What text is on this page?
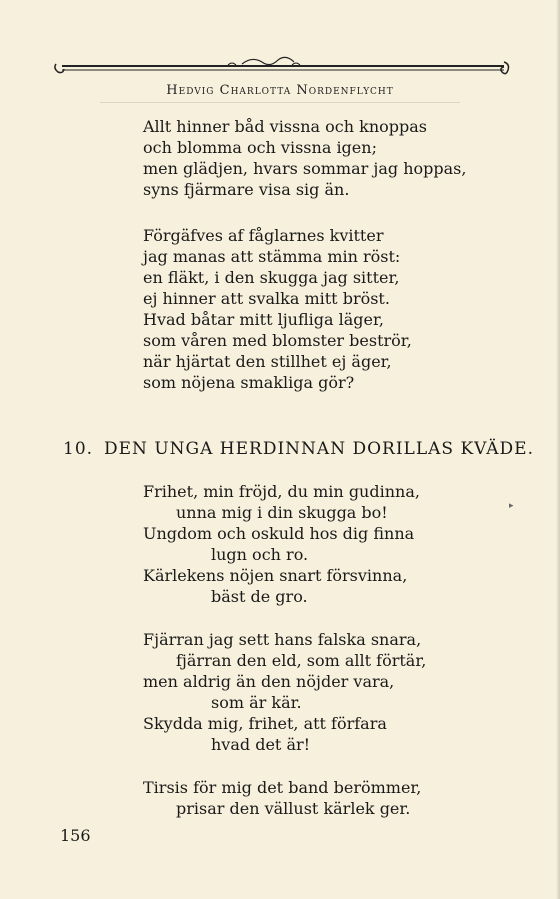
Hedvig Charlotta Nordenflycht
Allt hinner båd vissna och knoppas
och blomma och vissna igen;
men glädjen, hvars sommar jag hoppas,
syns fjärmare visa sig än.
Förgäfves af fåglarnes kvitter
jag manas att stämma min röst:
en fläkt, i den skugga jag sitter,
ej hinner att svalka mitt bröst.
Hvad båtar mitt ljufliga läger,
som våren med blomster beströr,
när hjärtat den stillhet ej äger,
som nöjena smakliga gör?
10. DEN UNGA HERDINNAN DORILLAS KVÄDE.
Frihet, min fröjd, du min gudinna,
unna mig i din skugga bo!
Ungdom och oskuld hos dig finna
lugn och ro.
Kärlekens nöjen snart försvinna,
bäst de gro.
Fjärran jag sett hans falska snara,
fjärran den eld, som allt förtär,
men aldrig än den nöjder vara,
som är kär.
Skydda mig, frihet, att förfara
hvad det är!
Tirsis för mig det band berömmer,
prisar den vällust kärlek ger.
▸
156
